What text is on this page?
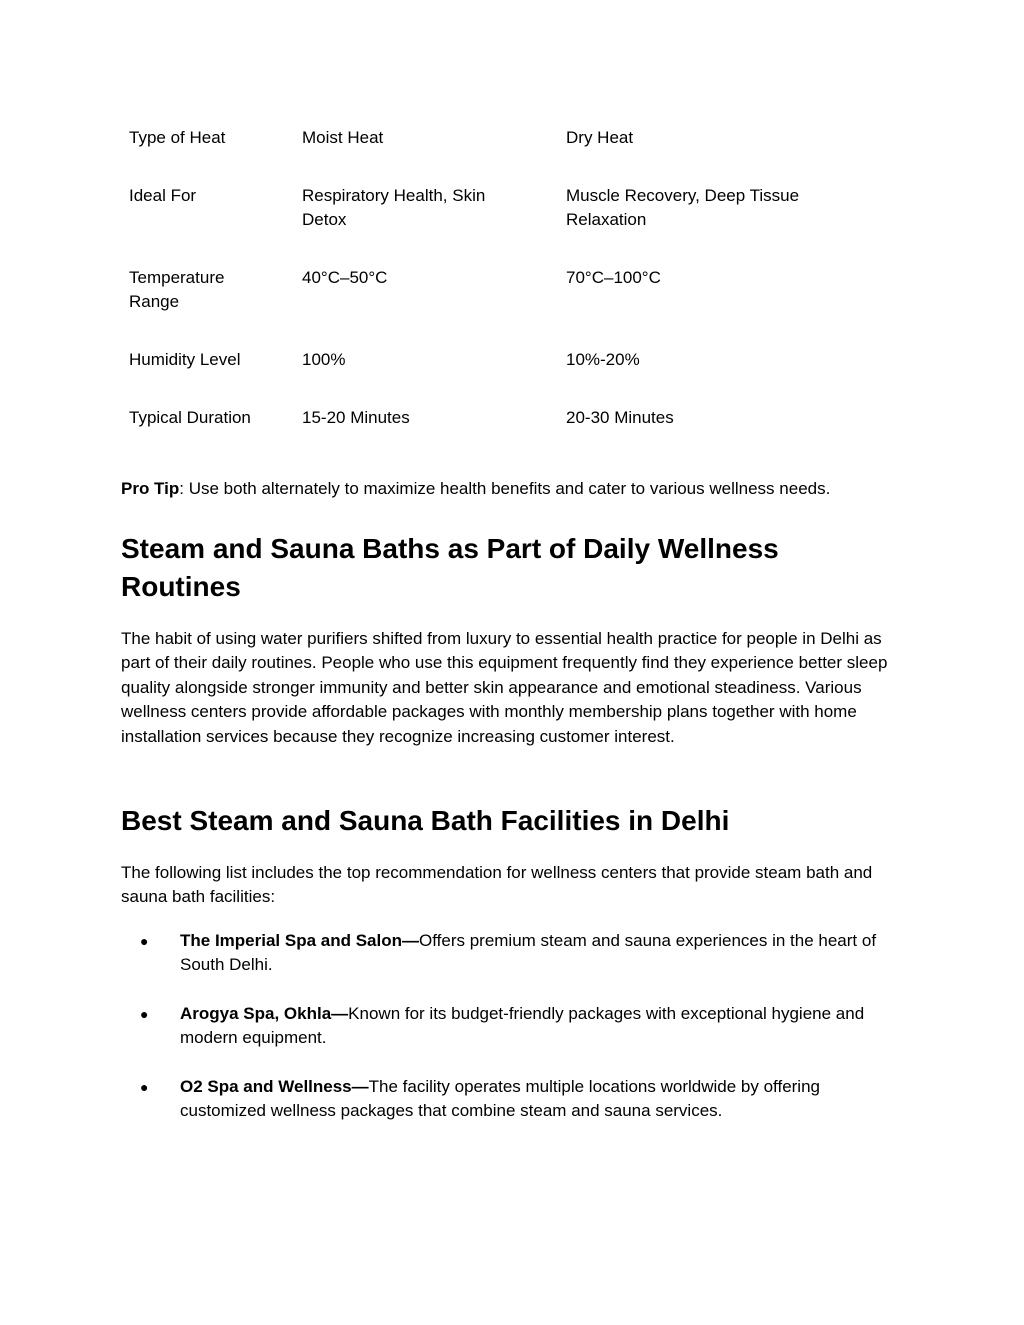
Type of Heat	Moist Heat	Dry Heat

Ideal For	Respiratory Health, Skin Detox	Muscle Recovery, Deep Tissue Relaxation

Temperature Range	40°C–50°C	70°C–100°C

Humidity Level	100%	10%-20%

Typical Duration	15-20 Minutes	20-30 Minutes

Pro Tip: Use both alternately to maximize health benefits and cater to various wellness needs.

Steam and Sauna Baths as Part of Daily Wellness Routines

The habit of using water purifiers shifted from luxury to essential health practice for people in Delhi as part of their daily routines. People who use this equipment frequently find they experience better sleep quality alongside stronger immunity and better skin appearance and emotional steadiness. Various wellness centers provide affordable packages with monthly membership plans together with home installation services because they recognize increasing customer interest.

Best Steam and Sauna Bath Facilities in Delhi

The following list includes the top recommendation for wellness centers that provide steam bath and sauna bath facilities:

● The Imperial Spa and Salon—Offers premium steam and sauna experiences in the heart of South Delhi.
● Arogya Spa, Okhla—Known for its budget-friendly packages with exceptional hygiene and modern equipment.
● O2 Spa and Wellness—The facility operates multiple locations worldwide by offering customized wellness packages that combine steam and sauna services.
